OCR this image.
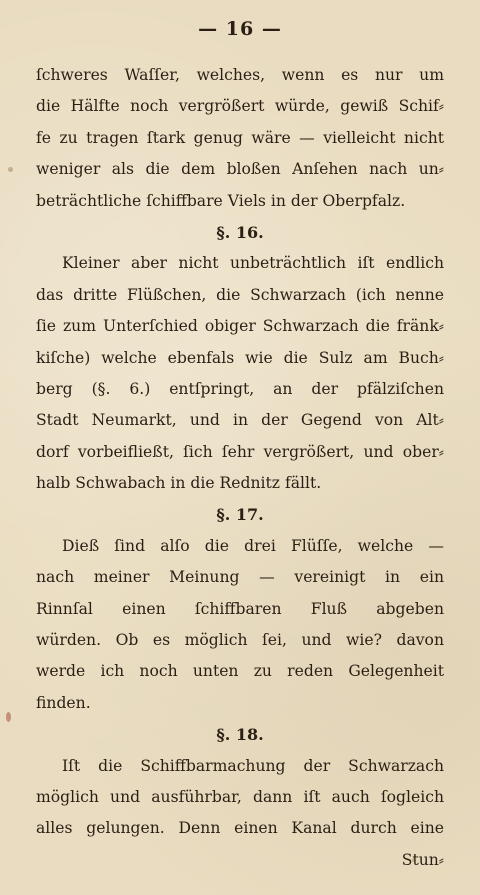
— 16 —
ſchweres Waſſer, welches, wenn es nur um
die Hälfte noch vergrößert würde, gewiß Schif⸗
fe zu tragen ſtark genug wäre — vielleicht nicht
weniger als die dem bloßen Anſehen nach un⸗
beträchtliche ſchiffbare Viels in der Oberpfalz.
§. 16.
Kleiner aber nicht unbeträchtlich iſt endlich
das dritte Flüßchen, die Schwarzach (ich nenne
ſie zum Unterſchied obiger Schwarzach die fränk⸗
kiſche) welche ebenfals wie die Sulz am Buch⸗
berg (§. 6.) entſpringt, an der pfälziſchen
Stadt Neumarkt, und in der Gegend von Alt⸗
dorf vorbeifließt, ſich ſehr vergrößert, und ober⸗
halb Schwabach in die Rednitz fällt.
§. 17.
Dieß ſind alſo die drei Flüſſe, welche —
nach meiner Meinung — vereinigt in ein
Rinnſal einen ſchiffbaren Fluß abgeben
würden. Ob es möglich ſei, und wie? davon
werde ich noch unten zu reden Gelegenheit
finden.
§. 18.
Iſt die Schiffbarmachung der Schwarzach
möglich und ausführbar, dann iſt auch ſogleich
alles gelungen. Denn einen Kanal durch eine
Stun⸗
